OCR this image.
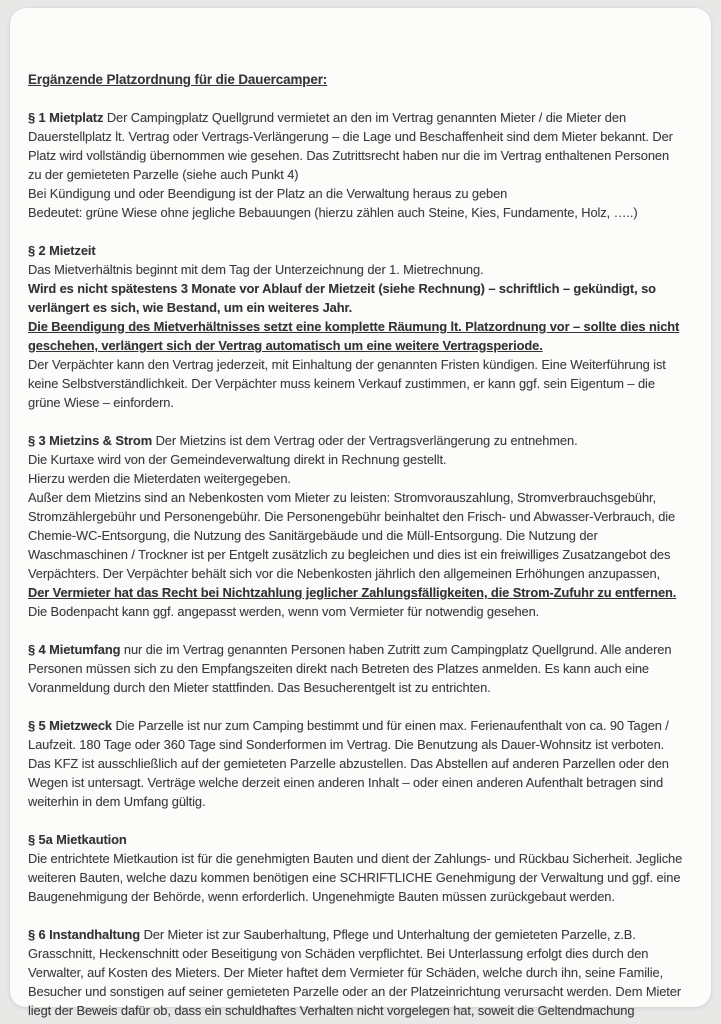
Ergänzende Platzordnung für die Dauercamper:

§ 1 Mietplatz Der Campingplatz Quellgrund vermietet an den im Vertrag genannten Mieter / die Mieter den Dauerstellplatz lt. Vertrag oder Vertrags-Verlängerung – die Lage und Beschaffenheit sind dem Mieter bekannt. Der Platz wird vollständig übernommen wie gesehen. Das Zutrittsrecht haben nur die im Vertrag enthaltenen Personen zu der gemieteten Parzelle (siehe auch Punkt 4)

Bei Kündigung und oder Beendigung ist der Platz an die Verwaltung heraus zu geben

Bedeutet: grüne Wiese ohne jegliche Bebauungen (hierzu zählen auch Steine, Kies, Fundamente, Holz, …..)

§ 2 Mietzeit

Das Mietverhältnis beginnt mit dem Tag der Unterzeichnung der 1. Mietrechnung.

Wird es nicht spätestens 3 Monate vor Ablauf der Mietzeit (siehe Rechnung) – schriftlich – gekündigt, so verlängert es sich, wie Bestand, um ein weiteres Jahr.

Die Beendigung des Mietverhältnisses setzt eine komplette Räumung lt. Platzordnung vor – sollte dies nicht geschehen, verlängert sich der Vertrag automatisch um eine weitere Vertragsperiode.

Der Verpächter kann den Vertrag jederzeit, mit Einhaltung der genannten Fristen kündigen. Eine Weiterführung ist keine Selbstverständlichkeit. Der Verpächter muss keinem Verkauf zustimmen, er kann ggf. sein Eigentum – die grüne Wiese – einfordern.

§ 3 Mietzins & Strom Der Mietzins ist dem Vertrag oder der Vertragsverlängerung zu entnehmen.

Die Kurtaxe wird von der Gemeindeverwaltung direkt in Rechnung gestellt.

Hierzu werden die Mieterdaten weitergegeben.

Außer dem Mietzins sind an Nebenkosten vom Mieter zu leisten: Stromvorauszahlung, Stromverbrauchsgebühr, Stromzählergebühr und Personengebühr. Die Personengebühr beinhaltet den Frisch- und Abwasser-Verbrauch, die Chemie-WC-Entsorgung, die Nutzung des Sanitärgebäude und die Müll-Entsorgung. Die Nutzung der Waschmaschinen / Trockner ist per Entgelt zusätzlich zu begleichen und dies ist ein freiwilliges Zusatzangebot des Verpächters. Der Verpächter behält sich vor die Nebenkosten jährlich den allgemeinen Erhöhungen anzupassen,

Der Vermieter hat das Recht bei Nichtzahlung jeglicher Zahlungsfälligkeiten, die Strom-Zufuhr zu entfernen.

Die Bodenpacht kann ggf. angepasst werden, wenn vom Vermieter für notwendig gesehen.

§ 4 Mietumfang nur die im Vertrag genannten Personen haben Zutritt zum Campingplatz Quellgrund. Alle anderen Personen müssen sich zu den Empfangszeiten direkt nach Betreten des Platzes anmelden. Es kann auch eine Voranmeldung durch den Mieter stattfinden. Das Besucherentgelt ist zu entrichten.

§ 5 Mietzweck Die Parzelle ist nur zum Camping bestimmt und für einen max. Ferienaufenthalt von ca. 90 Tagen / Laufzeit. 180 Tage oder 360 Tage sind Sonderformen im Vertrag. Die Benutzung als Dauer-Wohnsitz ist verboten. Das KFZ ist ausschließlich auf der gemieteten Parzelle abzustellen. Das Abstellen auf anderen Parzellen oder den Wegen ist untersagt. Verträge welche derzeit einen anderen Inhalt – oder einen anderen Aufenthalt betragen sind weiterhin in dem Umfang gültig.

§ 5a Mietkaution

Die entrichtete Mietkaution ist für die genehmigten Bauten und dient der Zahlungs- und Rückbau Sicherheit. Jegliche weiteren Bauten, welche dazu kommen benötigen eine SCHRIFTLICHE Genehmigung der Verwaltung und ggf. eine Baugenehmigung der Behörde, wenn erforderlich. Ungenehmigte Bauten müssen zurückgebaut werden.

§ 6 Instandhaltung Der Mieter ist zur Sauberhaltung, Pflege und Unterhaltung der gemieteten Parzelle, z.B. Grasschnitt, Heckenschnitt oder Beseitigung von Schäden verpflichtet. Bei Unterlassung erfolgt dies durch den Verwalter, auf Kosten des Mieters. Der Mieter haftet dem Vermieter für Schäden, welche durch ihn, seine Familie, Besucher und sonstigen auf seiner gemieteten Parzelle oder an der Platzeinrichtung verursacht werden. Dem Mieter liegt der Beweis dafür ob, dass ein schuldhaftes Verhalten nicht vorgelegen hat, soweit die Geltendmachung
